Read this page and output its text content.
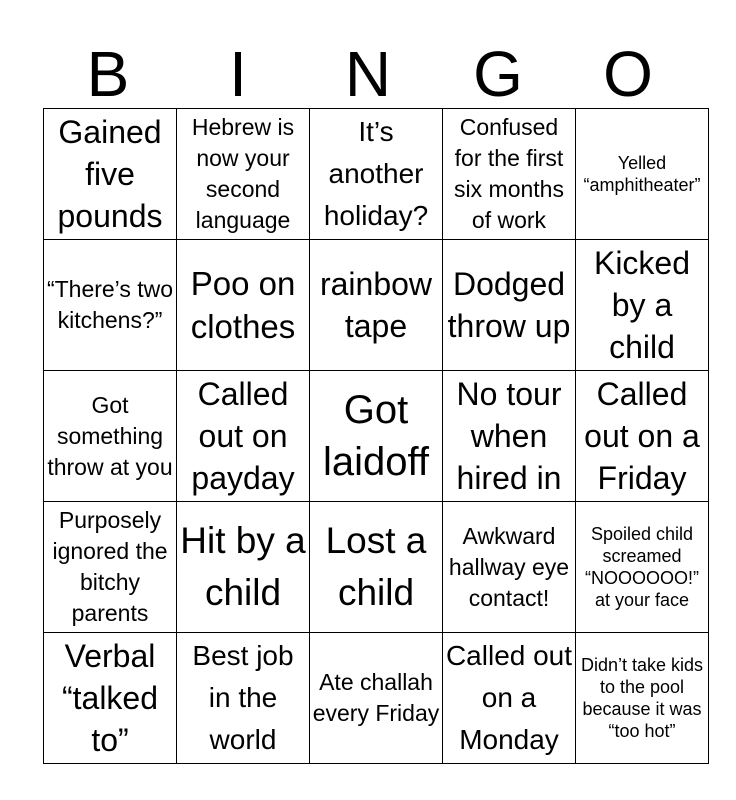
B	I	N	G	O
Gained five pounds	Hebrew is now your second language	It’s another holiday?	Confused for the first six months of work	Yelled “amphitheater”

“There’s two kitchens?”	Poo on clothes	rainbow tape	Dodged throw up	Kicked by a child

Got something throw at you	Called out on payday	Got laidoff	No tour when hired in	Called out on a Friday

Purposely ignored the bitchy parents	Hit by a child	Lost a child	Awkward hallway eye contact!	Spoiled child screamed “NOOOOOO!” at your face

Verbal “talked to”	Best job in the world	Ate challah every Friday	Called out on a Monday	Didn’t take kids to the pool because it was “too hot”
